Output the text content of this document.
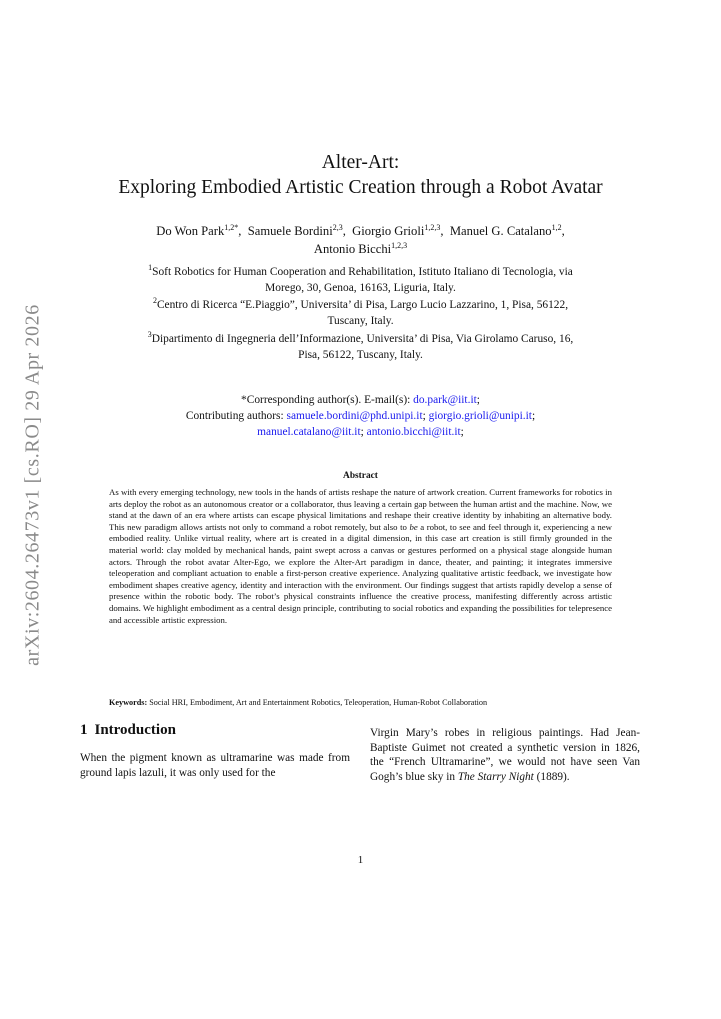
arXiv:2604.26473v1 [cs.RO] 29 Apr 2026
Alter-Art:
Exploring Embodied Artistic Creation through a Robot Avatar
Do Won Park$^{1,2*}$,  Samuele Bordini$^{2,3}$,  Giorgio Grioli$^{1,2,3}$,  Manuel G. Catalano$^{1,2}$,
Antonio Bicchi$^{1,2,3}$
$^1$Soft Robotics for Human Cooperation and Rehabilitation, Istituto Italiano di Tecnologia, via
Morego, 30, Genoa, 16163, Liguria, Italy.
$^2$Centro di Ricerca “E.Piaggio”, Universita’ di Pisa, Largo Lucio Lazzarino, 1, Pisa, 56122,
Tuscany, Italy.
$^3$Dipartimento di Ingegneria dell’Informazione, Universita’ di Pisa, Via Girolamo Caruso, 16,
Pisa, 56122, Tuscany, Italy.
*Corresponding author(s). E-mail(s): do.park@iit.it;
Contributing authors: samuele.bordini@phd.unipi.it; giorgio.grioli@unipi.it;
manuel.catalano@iit.it; antonio.bicchi@iit.it;
Abstract

As with every emerging technology, new tools in the hands of artists reshape the nature of artwork creation. Current frameworks for robotics in arts deploy the robot as an autonomous creator or a collaborator, thus leaving a certain gap between the human artist and the machine. Now, we stand at the dawn of an era where artists can escape physical limitations and reshape their creative identity by inhabiting an alternative body. This new paradigm allows artists not only to command a robot remotely, but also to be a robot, to see and feel through it, experiencing a new embodied reality. Unlike virtual reality, where art is created in a digital dimension, in this case art creation is still firmly grounded in the material world: clay molded by mechanical hands, paint swept across a canvas or gestures performed on a physical stage alongside human actors. Through the robot avatar Alter-Ego, we explore the Alter-Art paradigm in dance, theater, and painting; it integrates immersive teleoperation and compliant actuation to enable a first-person creative experience. Analyzing qualitative artistic feedback, we investigate how embodiment shapes creative agency, identity and interaction with the environment. Our findings suggest that artists rapidly develop a sense of presence within the robotic body. The robot’s physical constraints influence the creative process, manifesting differently across artistic domains. We highlight embodiment as a central design principle, contributing to social robotics and expanding the possibilities for telepresence and accessible artistic expression.

Keywords: Social HRI, Embodiment, Art and Entertainment Robotics, Teleoperation, Human-Robot Collaboration
1 Introduction

When the pigment known as ultramarine was made from ground lapis lazuli, it was only used for the

Virgin Mary’s robes in religious paintings. Had Jean-Baptiste Guimet not created a synthetic version in 1826, the “French Ultramarine”, we would not have seen Van Gogh’s blue sky in The Starry Night (1889).

1
